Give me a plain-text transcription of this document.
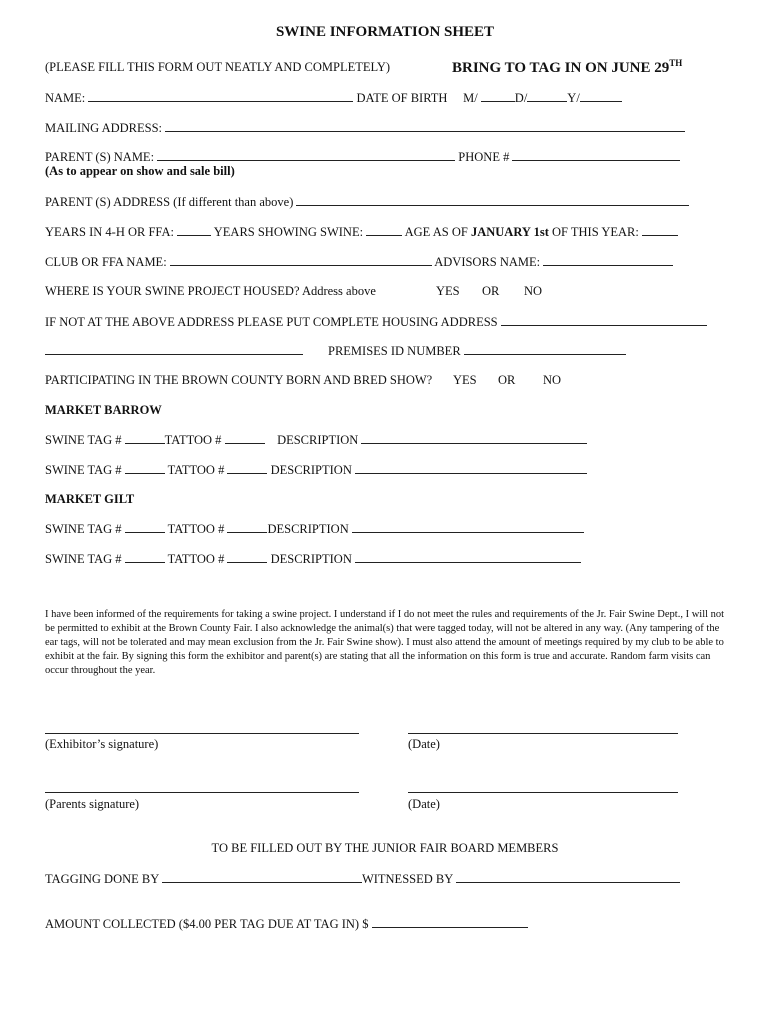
SWINE INFORMATION SHEET
(PLEASE FILL THIS FORM OUT NEATLY AND COMPLETELY)	BRING TO TAG IN ON JUNE 29TH
NAME:	DATE OF BIRTH M/	D/	Y/
MAILING ADDRESS:
PARENT (S) NAME:	PHONE #
(As to appear on show and sale bill)
PARENT (S) ADDRESS (If different than above)
YEARS IN 4-H OR FFA:	YEARS SHOWING SWINE:	AGE AS OF JANUARY 1st OF THIS YEAR:
CLUB OR FFA NAME:	ADVISORS NAME:
WHERE IS YOUR SWINE PROJECT HOUSED? Address above	YES OR NO
IF NOT AT THE ABOVE ADDRESS PLEASE PUT COMPLETE HOUSING ADDRESS
PREMISES ID NUMBER
PARTICIPATING IN THE BROWN COUNTY BORN AND BRED SHOW? YES OR NO
MARKET BARROW
SWINE TAG #	TATTOO #	DESCRIPTION
SWINE TAG #	TATTOO #	DESCRIPTION
MARKET GILT
SWINE TAG #	TATTOO #	DESCRIPTION
SWINE TAG #	TATTOO #	DESCRIPTION
I have been informed of the requirements for taking a swine project. I understand if I do not meet the rules and requirements of the Jr. Fair Swine Dept., I will not be permitted to exhibit at the Brown County Fair. I also acknowledge the animal(s) that were tagged today, will not be altered in any way. (Any tampering of the ear tags, will not be tolerated and may mean exclusion from the Jr. Fair Swine show). I must also attend the amount of meetings required by my club to be able to exhibit at the fair. By signing this form the exhibitor and parent(s) are stating that all the information on this form is true and accurate. Random farm visits can occur throughout the year.
(Exhibitor’s signature)	(Date)
(Parents signature)	(Date)
TO BE FILLED OUT BY THE JUNIOR FAIR BOARD MEMBERS
TAGGING DONE BY	WITNESSED BY
AMOUNT COLLECTED ($4.00 PER TAG DUE AT TAG IN) $
